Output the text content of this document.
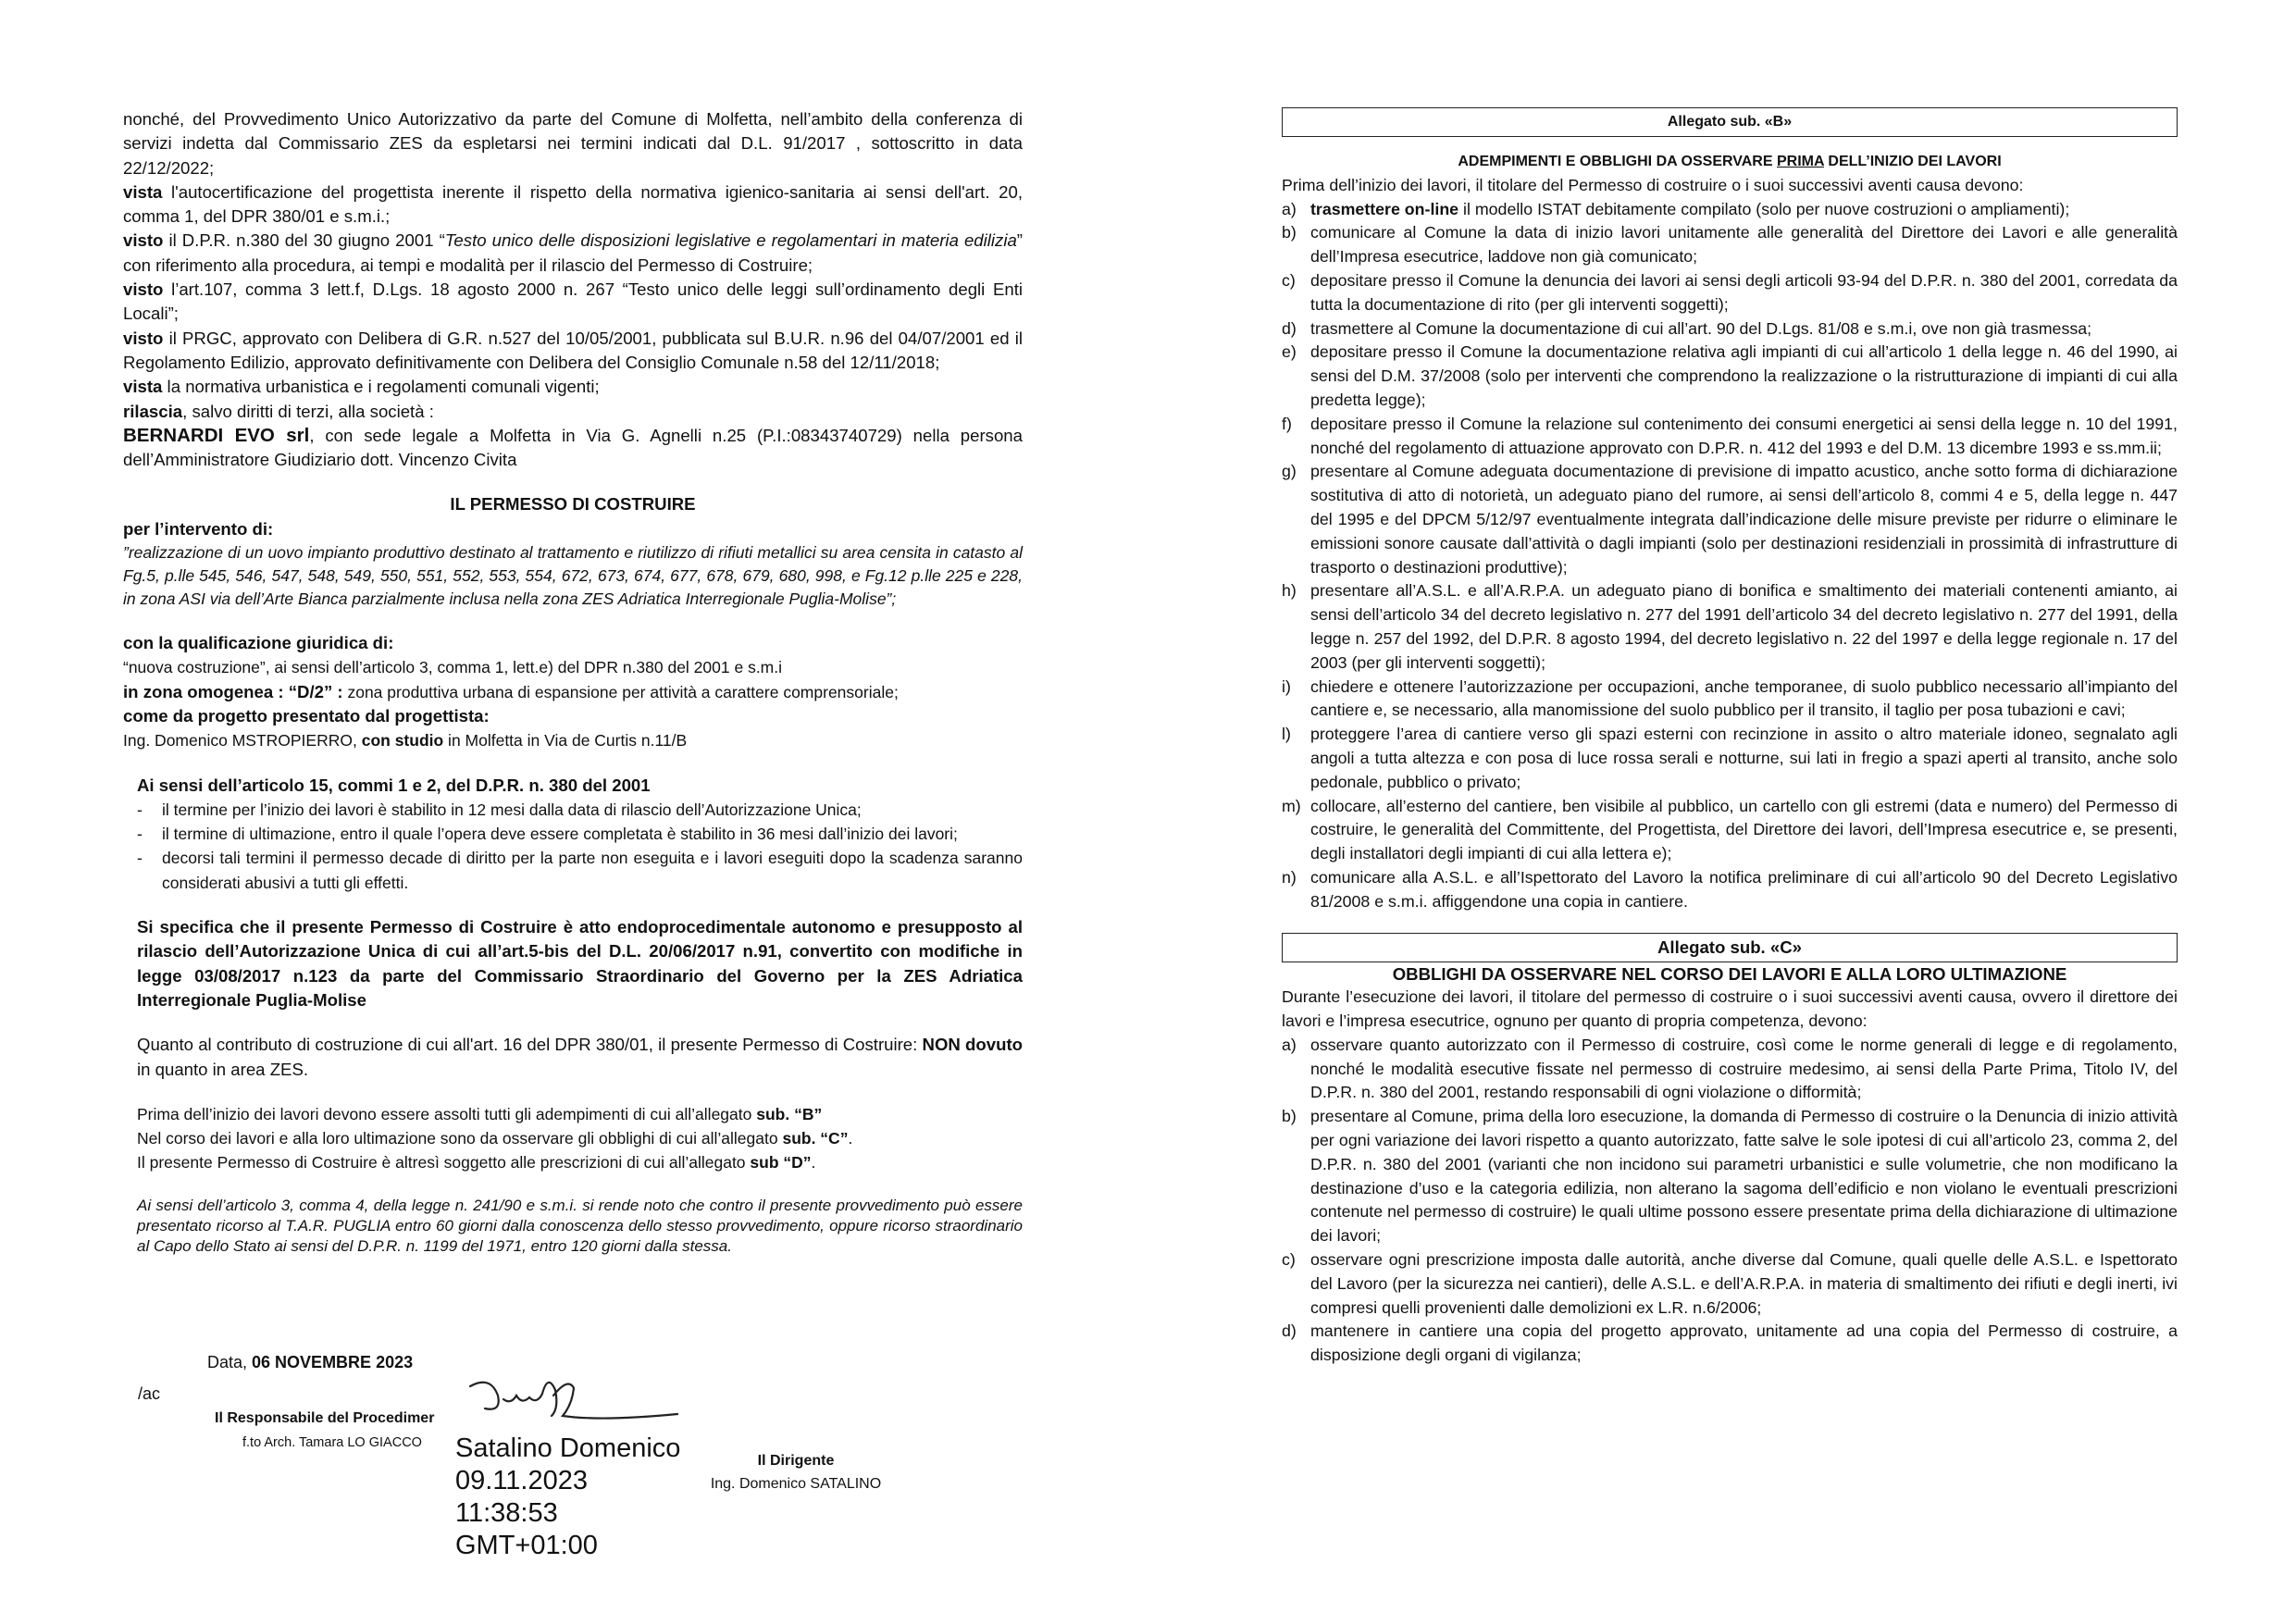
nonché, del Provvedimento Unico Autorizzativo da parte del Comune di Molfetta, nell’ambito della conferenza di servizi indetta dal Commissario ZES da espletarsi nei termini indicati dal D.L. 91/2017 , sottoscritto in data 22/12/2022;

vista l'autocertificazione del progettista inerente il rispetto della normativa igienico-sanitaria ai sensi dell'art. 20, comma 1, del DPR 380/01 e s.m.i.;

visto il D.P.R. n.380 del 30 giugno 2001 “Testo unico delle disposizioni legislative e regolamentari in materia edilizia” con riferimento alla procedura, ai tempi e modalità per il rilascio del Permesso di Costruire;

visto l’art.107, comma 3 lett.f, D.Lgs. 18 agosto 2000 n. 267 “Testo unico delle leggi sull’ordinamento degli Enti Locali”;

visto il PRGC, approvato con Delibera di G.R. n.527 del 10/05/2001, pubblicata sul B.U.R. n.96 del 04/07/2001 ed il Regolamento Edilizio, approvato definitivamente con Delibera del Consiglio Comunale n.58 del 12/11/2018;

vista la normativa urbanistica e i regolamenti comunali vigenti;

rilascia, salvo diritti di terzi, alla società :

BERNARDI EVO srl, con sede legale a Molfetta in Via G. Agnelli n.25 (P.I.:08343740729) nella persona dell’Amministratore Giudiziario dott. Vincenzo Civita

IL PERMESSO DI COSTRUIRE

per l’intervento di:

”realizzazione di un uovo impianto produttivo destinato al trattamento e riutilizzo di rifiuti metallici su area censita in catasto al Fg.5, p.lle 545, 546, 547, 548, 549, 550, 551, 552, 553, 554, 672, 673, 674, 677, 678, 679, 680, 998, e Fg.12 p.lle 225 e 228, in zona ASI via dell’Arte Bianca parzialmente inclusa nella zona ZES Adriatica Interregionale Puglia-Molise”;

con la qualificazione giuridica di:

“nuova costruzione”, ai sensi dell’articolo 3, comma 1, lett.e) del DPR n.380 del 2001 e s.m.i

in zona omogenea : “D/2” : zona produttiva urbana di espansione per attività a carattere comprensoriale;

come da progetto presentato dal progettista:

Ing. Domenico MSTROPIERRO, con studio in Molfetta in Via de Curtis n.11/B

Ai sensi dell’articolo 15, commi 1 e 2, del D.P.R. n. 380 del 2001

- il termine per l’inizio dei lavori è stabilito in 12 mesi dalla data di rilascio dell’Autorizzazione Unica;
- il termine di ultimazione, entro il quale l’opera deve essere completata è stabilito in 36 mesi dall’inizio dei lavori;
- decorsi tali termini il permesso decade di diritto per la parte non eseguita e i lavori eseguiti dopo la scadenza saranno considerati abusivi a tutti gli effetti.

Si specifica che il presente Permesso di Costruire è atto endoprocedimentale autonomo e presupposto al rilascio dell’Autorizzazione Unica di cui all’art.5-bis del D.L. 20/06/2017 n.91, convertito con modifiche in legge 03/08/2017 n.123 da parte del Commissario Straordinario del Governo per la ZES Adriatica Interregionale Puglia-Molise

Quanto al contributo di costruzione di cui all'art. 16 del DPR 380/01, il presente Permesso di Costruire: NON dovuto in quanto in area ZES.

Prima dell’inizio dei lavori devono essere assolti tutti gli adempimenti di cui all’allegato sub. “B”

Nel corso dei lavori e alla loro ultimazione sono da osservare gli obblighi di cui all’allegato sub. “C”.

Il presente Permesso di Costruire è altresì soggetto alle prescrizioni di cui all’allegato sub “D”.

Ai sensi dell’articolo 3, comma 4, della legge n. 241/90 e s.m.i. si rende noto che contro il presente provvedimento può essere presentato ricorso al T.A.R. PUGLIA entro 60 giorni dalla conoscenza dello stesso provvedimento, oppure ricorso straordinario al Capo dello Stato ai sensi del D.P.R. n. 1199 del 1971, entro 120 giorni dalla stessa.

Data, 06 NOVEMBRE 2023
/ac
Il Responsabile del Procedimer
f.to Arch. Tamara LO GIACCO Satalino Domenico
09.11.2023
11:38:53
GMT+01:00
Il Dirigente
Ing. Domenico SATALINO
Allegato sub. «B»
ADEMPIMENTI E OBBLIGHI DA OSSERVARE PRIMA DELL’INIZIO DEI LAVORI

Prima dell’inizio dei lavori, il titolare del Permesso di costruire o i suoi successivi aventi causa devono:

a) trasmettere on-line il modello ISTAT debitamente compilato (solo per nuove costruzioni o ampliamenti);
b) comunicare al Comune la data di inizio lavori unitamente alle generalità del Direttore dei Lavori e alle generalità dell’Impresa esecutrice, laddove non già comunicato;
c) depositare presso il Comune la denuncia dei lavori ai sensi degli articoli 93-94 del D.P.R. n. 380 del 2001, corredata da tutta la documentazione di rito (per gli interventi soggetti);
d) trasmettere al Comune la documentazione di cui all’art. 90 del D.Lgs. 81/08 e s.m.i, ove non già trasmessa;
e) depositare presso il Comune la documentazione relativa agli impianti di cui all’articolo 1 della legge n. 46 del 1990, ai sensi del D.M. 37/2008 (solo per interventi che comprendono la realizzazione o la ristrutturazione di impianti di cui alla predetta legge);
f)	depositare presso il Comune la relazione sul contenimento dei consumi energetici ai sensi della legge n. 10 del 1991, nonché del regolamento di attuazione approvato con D.P.R. n. 412 del 1993 e del D.M. 13 dicembre 1993 e ss.mm.ii;
g) presentare al Comune adeguata documentazione di previsione di impatto acustico, anche sotto forma di dichiarazione sostitutiva di atto di notorietà, un adeguato piano del rumore, ai sensi dell’articolo 8, commi 4 e 5, della legge n. 447 del 1995 e del DPCM 5/12/97 eventualmente integrata dall’indicazione delle misure previste per ridurre o eliminare le emissioni sonore causate dall’attività o dagli impianti (solo per destinazioni residenziali in prossimità di infrastrutture di trasporto o destinazioni produttive);
h) presentare all’A.S.L. e all’A.R.P.A. un adeguato piano di bonifica e smaltimento dei materiali contenenti amianto, ai sensi dell’articolo 34 del decreto legislativo n. 277 del 1991 dell’articolo 34 del decreto legislativo n. 277 del 1991, della legge n. 257 del 1992, del D.P.R. 8 agosto 1994, del decreto legislativo n. 22 del 1997 e della legge regionale n. 17 del 2003 (per gli interventi soggetti);
i)	chiedere e ottenere l’autorizzazione per occupazioni, anche temporanee, di suolo pubblico necessario all’impianto del cantiere e, se necessario, alla manomissione del suolo pubblico per il transito, il taglio per posa tubazioni e cavi;
l)	proteggere l’area di cantiere verso gli spazi esterni con recinzione in assito o altro materiale idoneo, segnalato agli angoli a tutta altezza e con posa di luce rossa serali e notturne, sui lati in fregio a spazi aperti al transito, anche solo pedonale, pubblico o privato;
m) collocare, all’esterno del cantiere, ben visibile al pubblico, un cartello con gli estremi (data e numero) del Permesso di costruire, le generalità del Committente, del Progettista, del Direttore dei lavori, dell’Impresa esecutrice e, se presenti, degli installatori degli impianti di cui alla lettera e);
n) comunicare alla A.S.L. e all’Ispettorato del Lavoro la notifica preliminare di cui all’articolo 90 del Decreto Legislativo 81/2008 e s.m.i. affiggendone una copia in cantiere.
Allegato sub. «C»
OBBLIGHI DA OSSERVARE NEL CORSO DEI LAVORI E ALLA LORO ULTIMAZIONE

Durante l’esecuzione dei lavori, il titolare del permesso di costruire o i suoi successivi aventi causa, ovvero il direttore dei lavori e l’impresa esecutrice, ognuno per quanto di propria competenza, devono:

a) osservare quanto autorizzato con il Permesso di costruire, così come le norme generali di legge e di regolamento, nonché le modalità esecutive fissate nel permesso di costruire medesimo, ai sensi della Parte Prima, Titolo IV, del D.P.R. n. 380 del 2001, restando responsabili di ogni violazione o difformità;
b) presentare al Comune, prima della loro esecuzione, la domanda di Permesso di costruire o la Denuncia di inizio attività per ogni variazione dei lavori rispetto a quanto autorizzato, fatte salve le sole ipotesi di cui all’articolo 23, comma 2, del D.P.R. n. 380 del 2001 (varianti che non incidono sui parametri urbanistici e sulle volumetrie, che non modificano la destinazione d’uso e la categoria edilizia, non alterano la sagoma dell’edificio e non violano le eventuali prescrizioni contenute nel permesso di costruire) le quali ultime possono essere presentate prima della dichiarazione di ultimazione dei lavori;
c) osservare ogni prescrizione imposta dalle autorità, anche diverse dal Comune, quali quelle delle A.S.L. e Ispettorato del Lavoro (per la sicurezza nei cantieri), delle A.S.L. e dell’A.R.P.A. in materia di smaltimento dei rifiuti e degli inerti, ivi compresi quelli provenienti dalle demolizioni ex L.R. n.6/2006;
d) mantenere in cantiere una copia del progetto approvato, unitamente ad una copia del Permesso di costruire, a disposizione degli organi di vigilanza;
